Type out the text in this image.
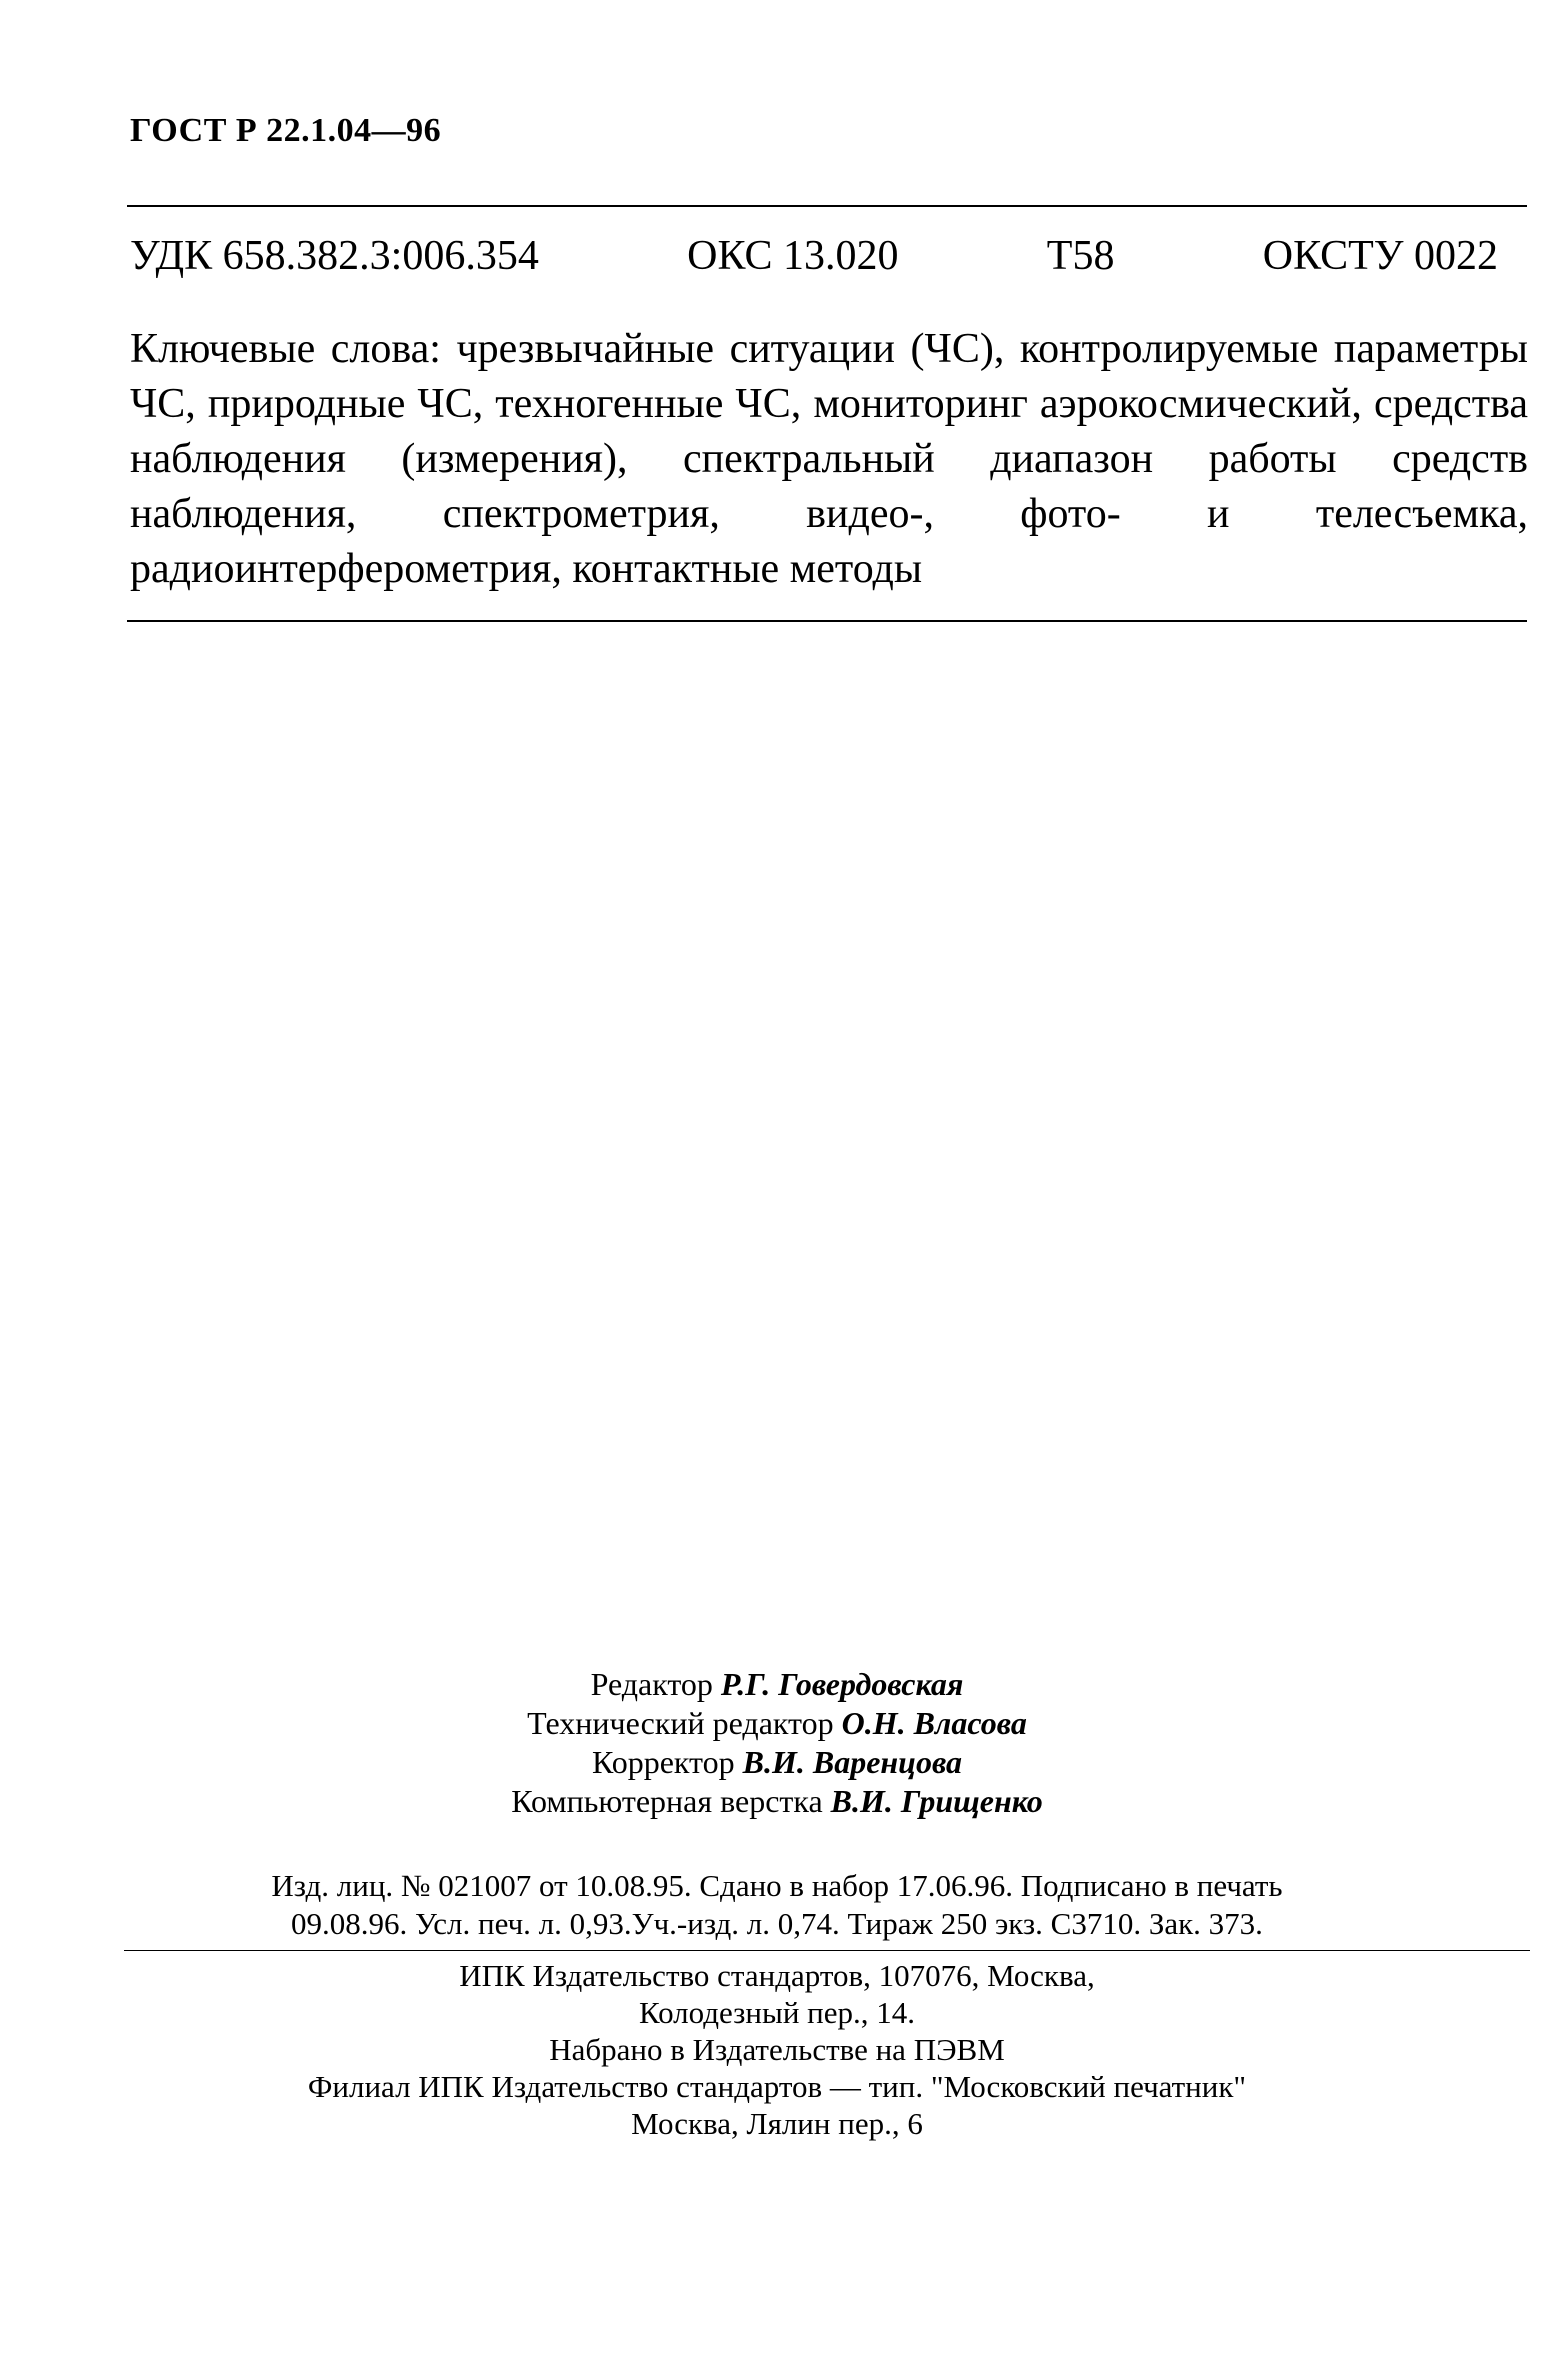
ГОСТ Р 22.1.04—96
УДК 658.382.3:006.354	ОКС 13.020	Т58	ОКСТУ 0022
Ключевые слова: чрезвычайные ситуации (ЧС), контролируемые параметры ЧС, природные ЧС, техногенные ЧС, мониторинг аэрокосмический, средства наблюдения (измерения), спектральный диапазон работы средств наблюдения, спектрометрия, видео-, фото- и телесъемка, радиоинтерферометрия, контактные методы
Редактор Р.Г. Говердовская
Технический редактор О.Н. Власова
Корректор В.И. Варенцова
Компьютерная верстка В.И. Грищенко
Изд. лиц. № 021007 от 10.08.95. Сдано в набор 17.06.96. Подписано в печать
09.08.96. Усл. печ. л. 0,93.Уч.-изд. л. 0,74. Тираж 250 экз. С3710. Зак. 373.
ИПК Издательство стандартов, 107076, Москва,
Колодезный пер., 14.
Набрано в Издательстве на ПЭВМ
Филиал ИПК Издательство стандартов — тип. "Московский печатник"
Москва, Лялин пер., 6
